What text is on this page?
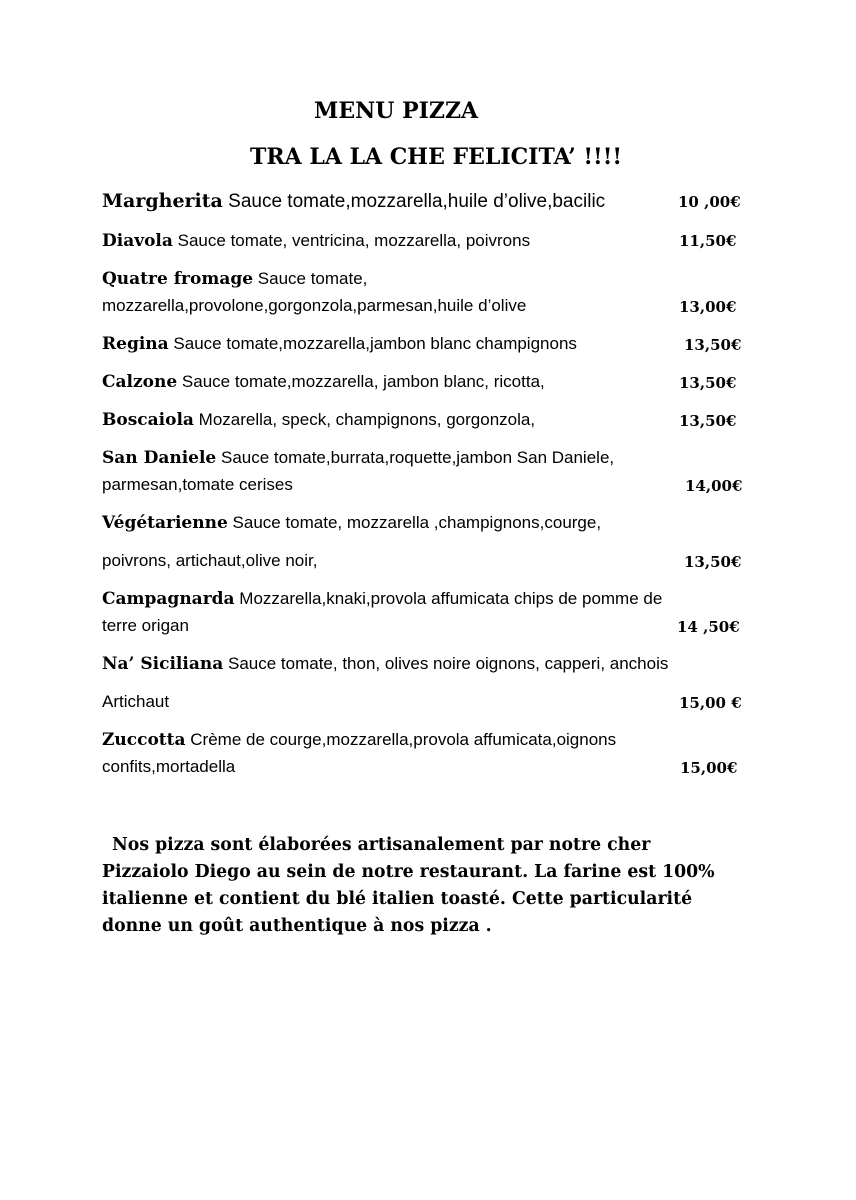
MENU PIZZA
TRA LA LA CHE FELICITA’ !!!!
Margherita Sauce tomate,mozzarella,huile d’olive,bacilic	10 ,00€
Diavola Sauce tomate, ventricina, mozzarella, poivrons	11,50€
Quatre fromage Sauce tomate,
mozzarella,provolone,gorgonzola,parmesan,huile d’olive	13,00€
Regina Sauce tomate,mozzarella,jambon blanc champignons	13,50€
Calzone Sauce tomate,mozzarella, jambon blanc, ricotta,	13,50€
Boscaiola Mozarella, speck, champignons, gorgonzola,	13,50€
San Daniele Sauce tomate,burrata,roquette,jambon San Daniele,
parmesan,tomate cerises	14,00€
Végétarienne Sauce tomate, mozzarella ,champignons,courge,
poivrons, artichaut,olive noir,	13,50€
Campagnarda Mozzarella,knaki,provola affumicata chips de pomme de
terre origan	14 ,50€
Na’ Siciliana Sauce tomate, thon, olives noire oignons, capperi, anchois
Artichaut	15,00 €
Zuccotta Crème de courge,mozzarella,provola affumicata,oignons
confits,mortadella	15,00€
Nos pizza sont élaborées artisanalement par notre cher
Pizzaiolo Diego au sein de notre restaurant. La farine est 100%
italienne et contient du blé italien toasté. Cette particularité
donne un goût authentique à nos pizza .
